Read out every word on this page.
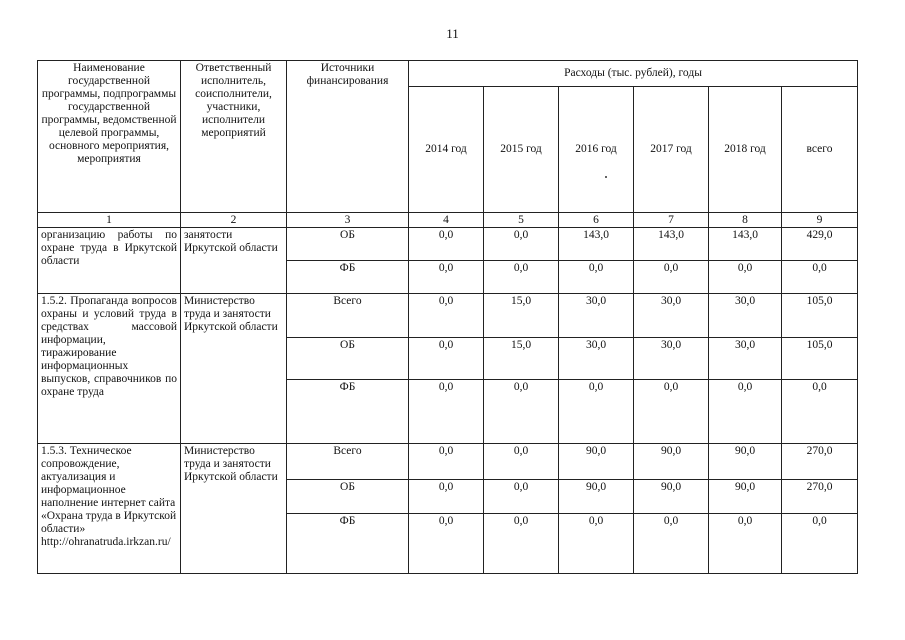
11
Наименование государственной программы, подпрограммы государственной программы, ведомственной целевой программы, основного мероприятия, мероприятия	Ответственный исполнитель, соисполнители, участники, исполнители мероприятий	Источники финансирования	Расходы (тыс. рублей), годы					
			2014 год	2015 год	2016 год	2017 год	2018 год	всего
1	2	3	4	5	6	7	8	9
организацию работы по охране труда в Иркутской области	занятости Иркутской области	ОБ	0,0	0,0	143,0	143,0	143,0	429,0
		ФБ	0,0	0,0	0,0	0,0	0,0	0,0
1.5.2. Пропаганда вопросов охраны и условий труда в средствах массовой информации, тиражирование информационных выпусков, справочников по охране труда	Министерство труда и занятости Иркутской области	Всего	0,0	15,0	30,0	30,0	30,0	105,0
		ОБ	0,0	15,0	30,0	30,0	30,0	105,0
		ФБ	0,0	0,0	0,0	0,0	0,0	0,0
1.5.3. Техническое сопровождение, актуализация и информационное наполнение интернет сайта «Охрана труда в Иркутской области» http://ohranatruda.irkzan.ru/	Министерство труда и занятости Иркутской области	Всего	0,0	0,0	90,0	90,0	90,0	270,0
		ОБ	0,0	0,0	90,0	90,0	90,0	270,0
		ФБ	0,0	0,0	0,0	0,0	0,0	0,0
